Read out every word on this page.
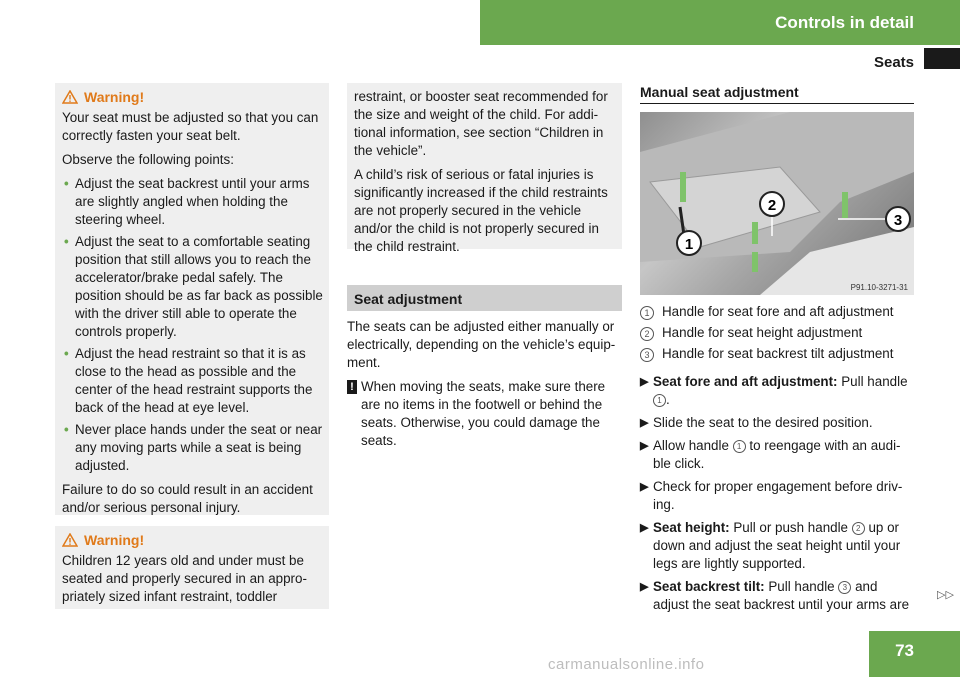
Controls in detail
Seats
Warning!

Your seat must be adjusted so that you can correctly fasten your seat belt.

Observe the following points:

• Adjust the seat backrest until your arms are slightly angled when holding the steering wheel.
• Adjust the seat to a comfortable seating position that still allows you to reach the accelerator/brake pedal safely. The position should be as far back as possible with the driver still able to operate the controls properly.
• Adjust the head restraint so that it is as close to the head as possible and the center of the head restraint supports the back of the head at eye level.
• Never place hands under the seat or near any moving parts while a seat is being adjusted.

Failure to do so could result in an accident and/or serious personal injury.

Warning!

Children 12 years old and under must be seated and properly secured in an appro-priately sized infant restraint, toddler

restraint, or booster seat recommended for the size and weight of the child. For addi-tional information, see section “Children in the vehicle”.

A child’s risk of serious or fatal injuries is significantly increased if the child restraints are not properly secured in the vehicle and/or the child is not properly secured in the child restraint.

Seat adjustment

The seats can be adjusted either manually or electrically, depending on the vehicle’s equip-ment.

! When moving the seats, make sure there are no items in the footwell or behind the seats. Otherwise, you could damage the seats.
Manual seat adjustment
1
2
3
P91.10-3271-31
1 Handle for seat fore and aft adjustment
2 Handle for seat height adjustment
3 Handle for seat backrest tilt adjustment
▶ Seat fore and aft adjustment: Pull handle 1 .
▶ Slide the seat to the desired position.
▶ Allow handle 1 to reengage with an audi-ble click.
▶ Check for proper engagement before driv-ing.
▶ Seat height: Pull or push handle 2 up or down and adjust the seat height until your legs are lightly supported.
▶ Seat backrest tilt: Pull handle 3 and adjust the seat backrest until your arms are
▷▷
carmanualsonline.info
73
